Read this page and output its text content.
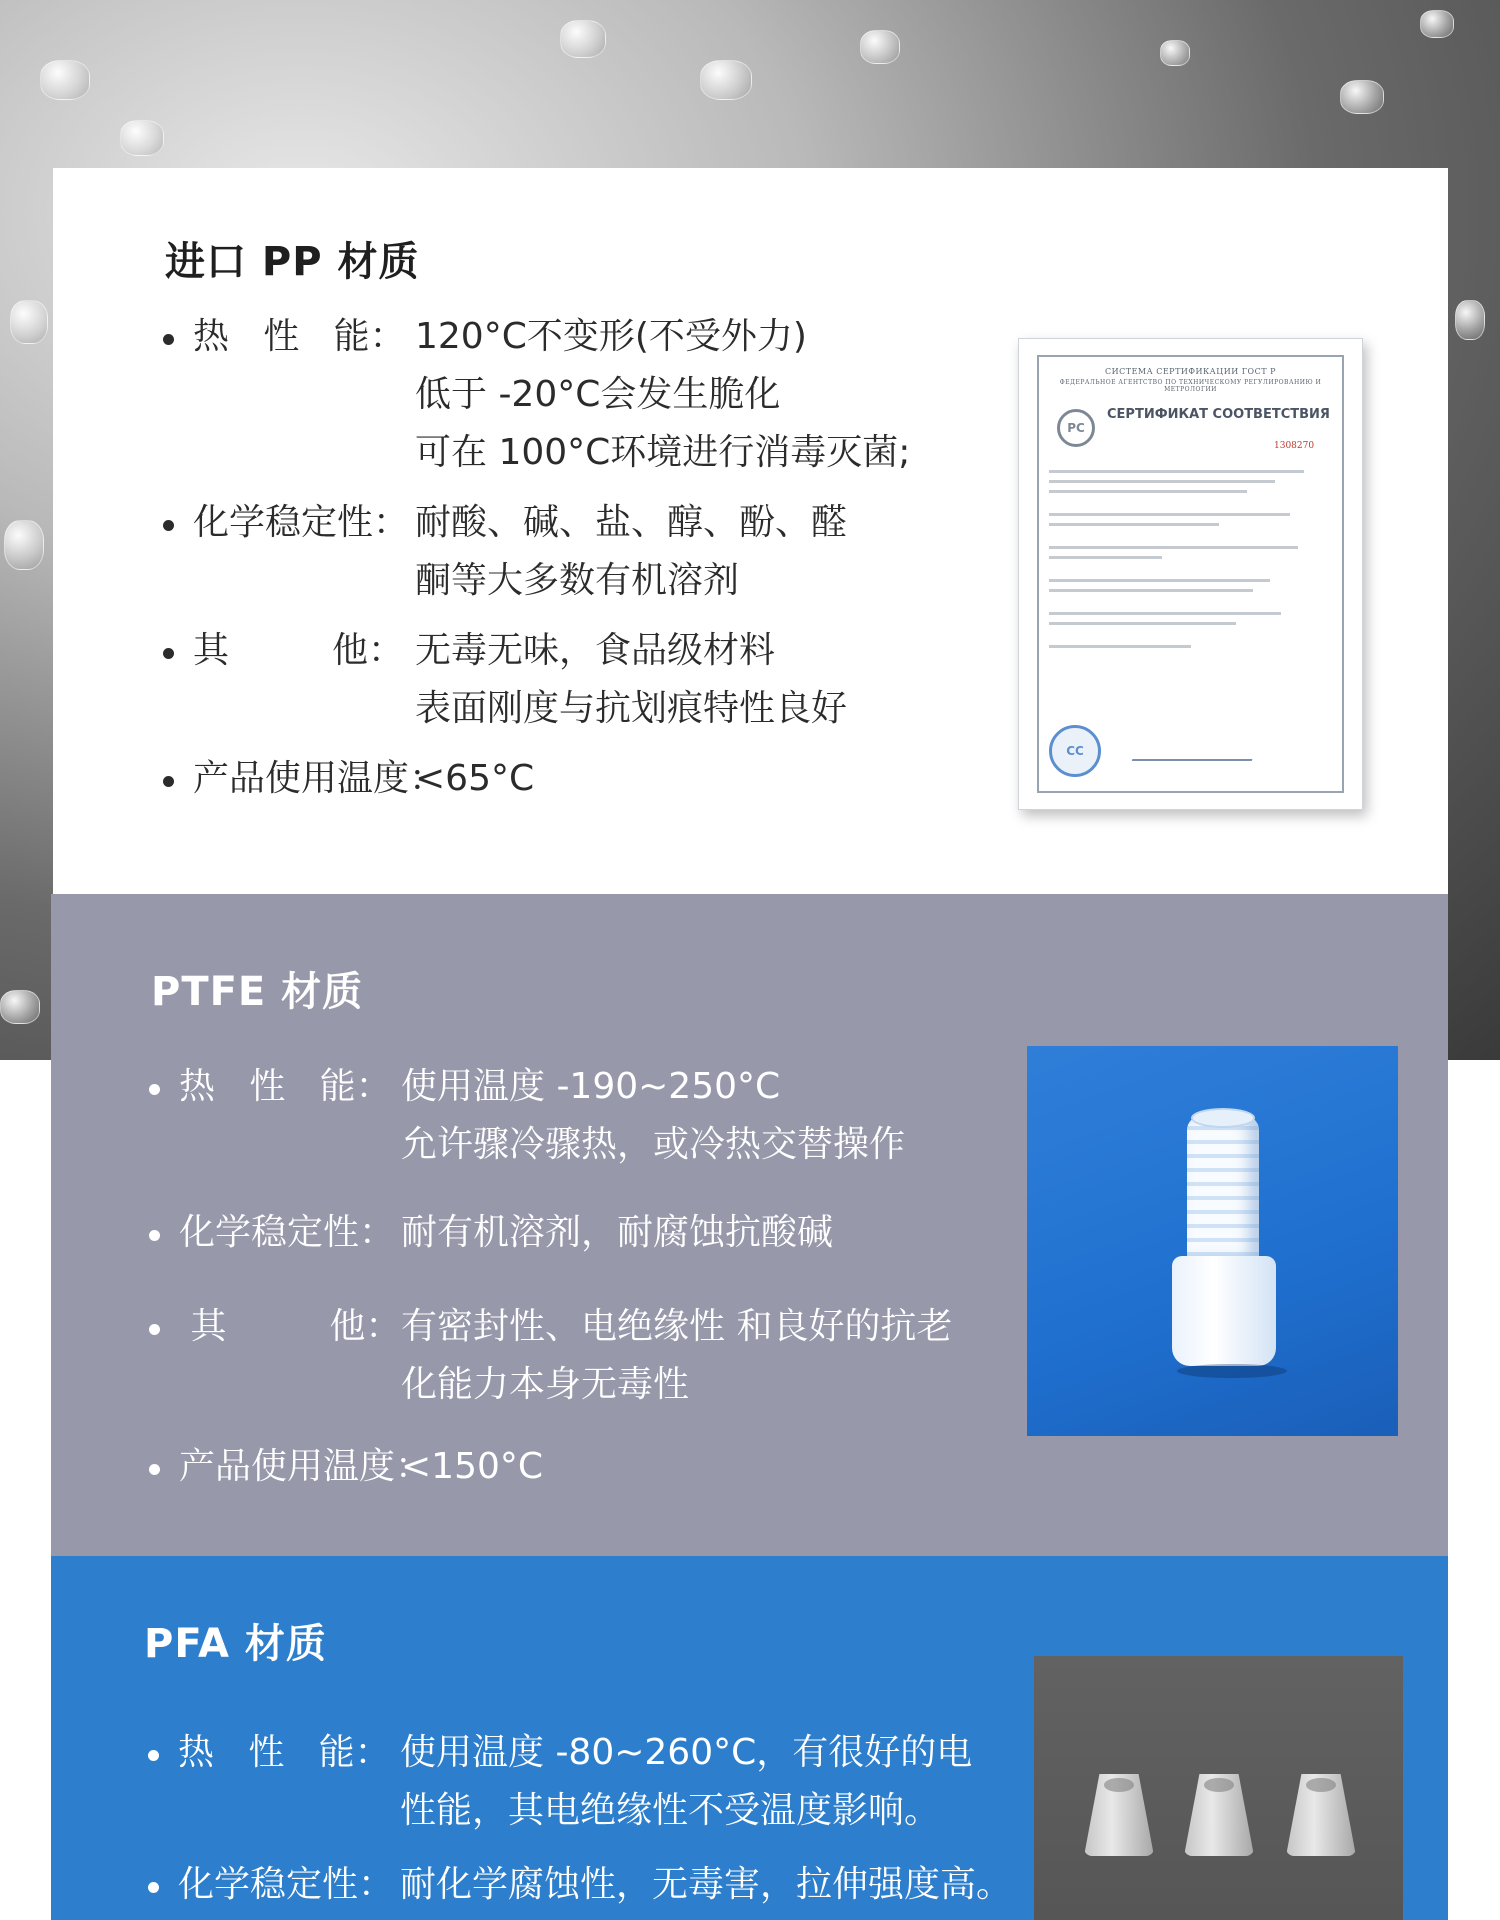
进口 PP 材质
热   性   能： 120°C不变形(不受外力)
低于 -20°C会发生脆化
可在 100°C环境进行消毒灭菌;
化学稳定性： 耐酸、碱、盐、醇、酚、醛
酮等大多数有机溶剂
其         他： 无毒无味，食品级材料
表面刚度与抗划痕特性良好
产品使用温度：
<65°C
СИСТЕМА СЕРТИФИКАЦИИ ГОСТ Р
ФЕДЕРАЛЬНОЕ АГЕНТСТВО ПО ТЕХНИЧЕСКОМУ РЕГУЛИРОВАНИЮ И МЕТРОЛОГИИ
PC
СЕРТИФИКАТ СООТВЕТСТВИЯ
1308270
CC
PTFE 材质
热   性   能： 使用温度 -190~250°C
允许骤冷骤热，或冷热交替操作
化学稳定性： 耐有机溶剂，耐腐蚀抗酸碱
其         他： 有密封性、电绝缘性 和良好的抗老
化能力本身无毒性
产品使用温度：
<150°C
PFA 材质
热   性   能： 使用温度 -80~260°C，有很好的电
性能，其电绝缘性不受温度影响。
化学稳定性： 耐化学腐蚀性，无毒害，拉伸强度高。
